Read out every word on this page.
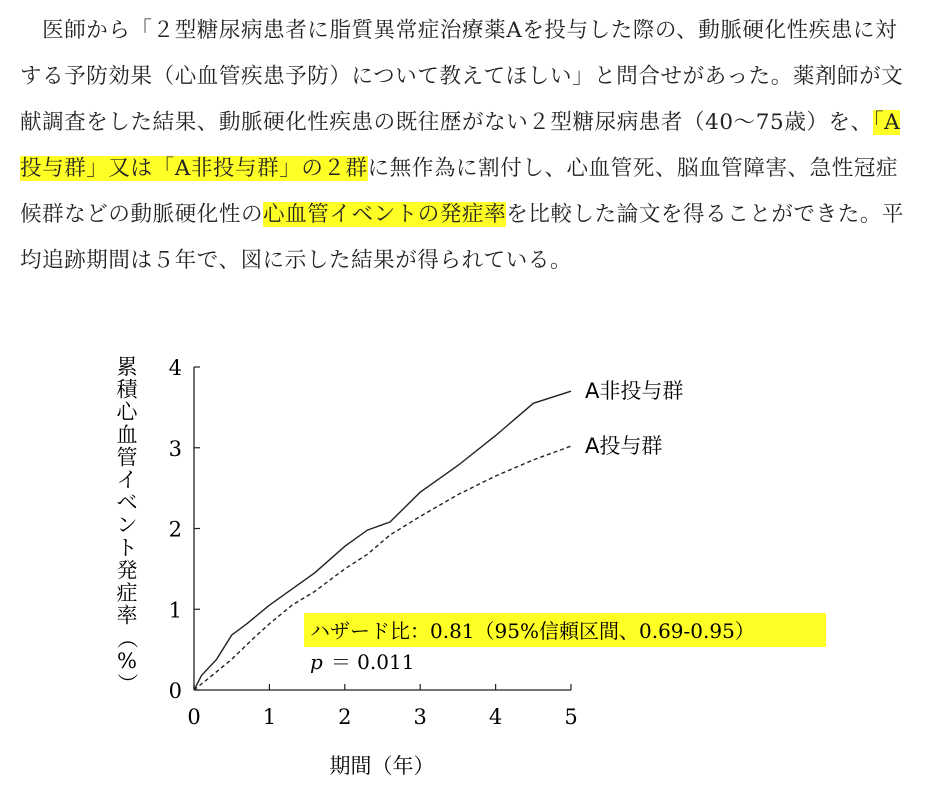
　医師から「２型糖尿病患者に脂質異常症治療薬Aを投与した際の、動脈硬化性疾患に対する予防効果（心血管疾患予防）について教えてほしい」と問合せがあった。薬剤師が文献調査をした結果、動脈硬化性疾患の既往歴がない２型糖尿病患者（40〜75歳）を、「A投与群」又は「A非投与群」の２群に無作為に割付し、心血管死、脳血管障害、急性冠症候群などの動脈硬化性の心血管イベントの発症率を比較した論文を得ることができた。平均追跡期間は５年で、図に示した結果が得られている。
0	1	2	3	4	5
0
1
2
3
4
A非投与群
A投与群
累
積
心
血
管
イ
ベ
ン
ト
発
症
率
（
%
）
期間（年）
ハザード比：0.81（95%信頼区間、0.69-0.95）
p ＝ 0.011
